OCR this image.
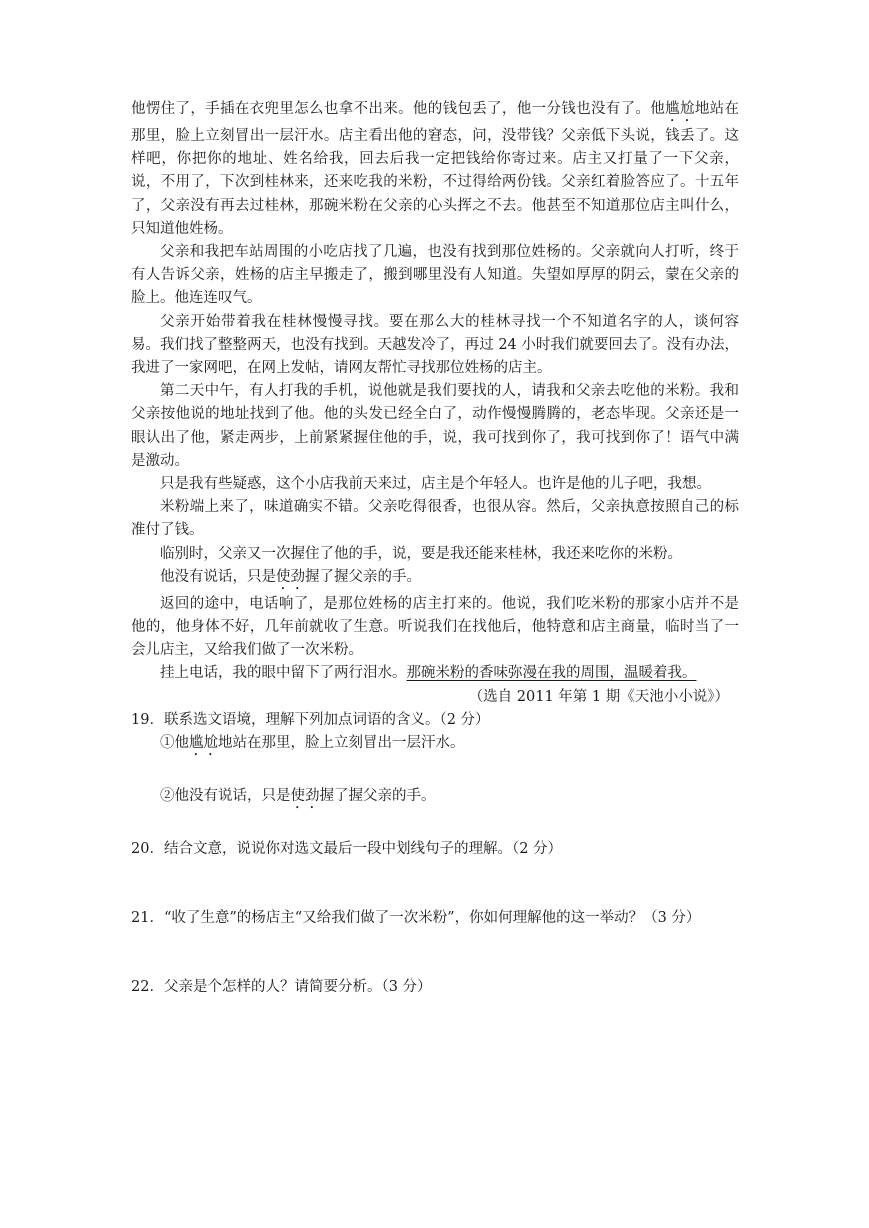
他愣住了，手插在衣兜里怎么也拿不出来。他的钱包丢了，他一分钱也没有了。他尴尬地站在那里，脸上立刻冒出一层汗水。店主看出他的窘态，问，没带钱？父亲低下头说，钱丢了。这样吧，你把你的地址、姓名给我，回去后我一定把钱给你寄过来。店主又打量了一下父亲，说，不用了，下次到桂林来，还来吃我的米粉，不过得给两份钱。父亲红着脸答应了。十五年了，父亲没有再去过桂林，那碗米粉在父亲的心头挥之不去。他甚至不知道那位店主叫什么，只知道他姓杨。

父亲和我把车站周围的小吃店找了几遍，也没有找到那位姓杨的。父亲就向人打听，终于有人告诉父亲，姓杨的店主早搬走了，搬到哪里没有人知道。失望如厚厚的阴云，蒙在父亲的脸上。他连连叹气。

父亲开始带着我在桂林慢慢寻找。要在那么大的桂林寻找一个不知道名字的人，谈何容易。我们找了整整两天，也没有找到。天越发冷了，再过 24 小时我们就要回去了。没有办法，我进了一家网吧，在网上发帖，请网友帮忙寻找那位姓杨的店主。

第二天中午，有人打我的手机，说他就是我们要找的人，请我和父亲去吃他的米粉。我和父亲按他说的地址找到了他。他的头发已经全白了，动作慢慢腾腾的，老态毕现。父亲还是一眼认出了他，紧走两步，上前紧紧握住他的手，说，我可找到你了，我可找到你了！语气中满是激动。

只是我有些疑惑，这个小店我前天来过，店主是个年轻人。也许是他的儿子吧，我想。

米粉端上来了，味道确实不错。父亲吃得很香，也很从容。然后，父亲执意按照自己的标准付了钱。

临别时，父亲又一次握住了他的手，说，要是我还能来桂林，我还来吃你的米粉。

他没有说话，只是使劲握了握父亲的手。

返回的途中，电话响了，是那位姓杨的店主打来的。他说，我们吃米粉的那家小店并不是他的，他身体不好，几年前就收了生意。听说我们在找他后，他特意和店主商量，临时当了一会儿店主，又给我们做了一次米粉。

挂上电话，我的眼中留下了两行泪水。那碗米粉的香味弥漫在我的周围，温暖着我。

（选自 2011 年第 1 期《天池小小说》）

19．联系选文语境，理解下列加点词语的含义。（2 分）

①他尴尬地站在那里，脸上立刻冒出一层汗水。

②他没有说话，只是使劲握了握父亲的手。

20．结合文意，说说你对选文最后一段中划线句子的理解。（2 分）

21．“收了生意”的杨店主“又给我们做了一次米粉”，你如何理解他的这一举动？（3 分）

22．父亲是个怎样的人？请简要分析。（3 分）
